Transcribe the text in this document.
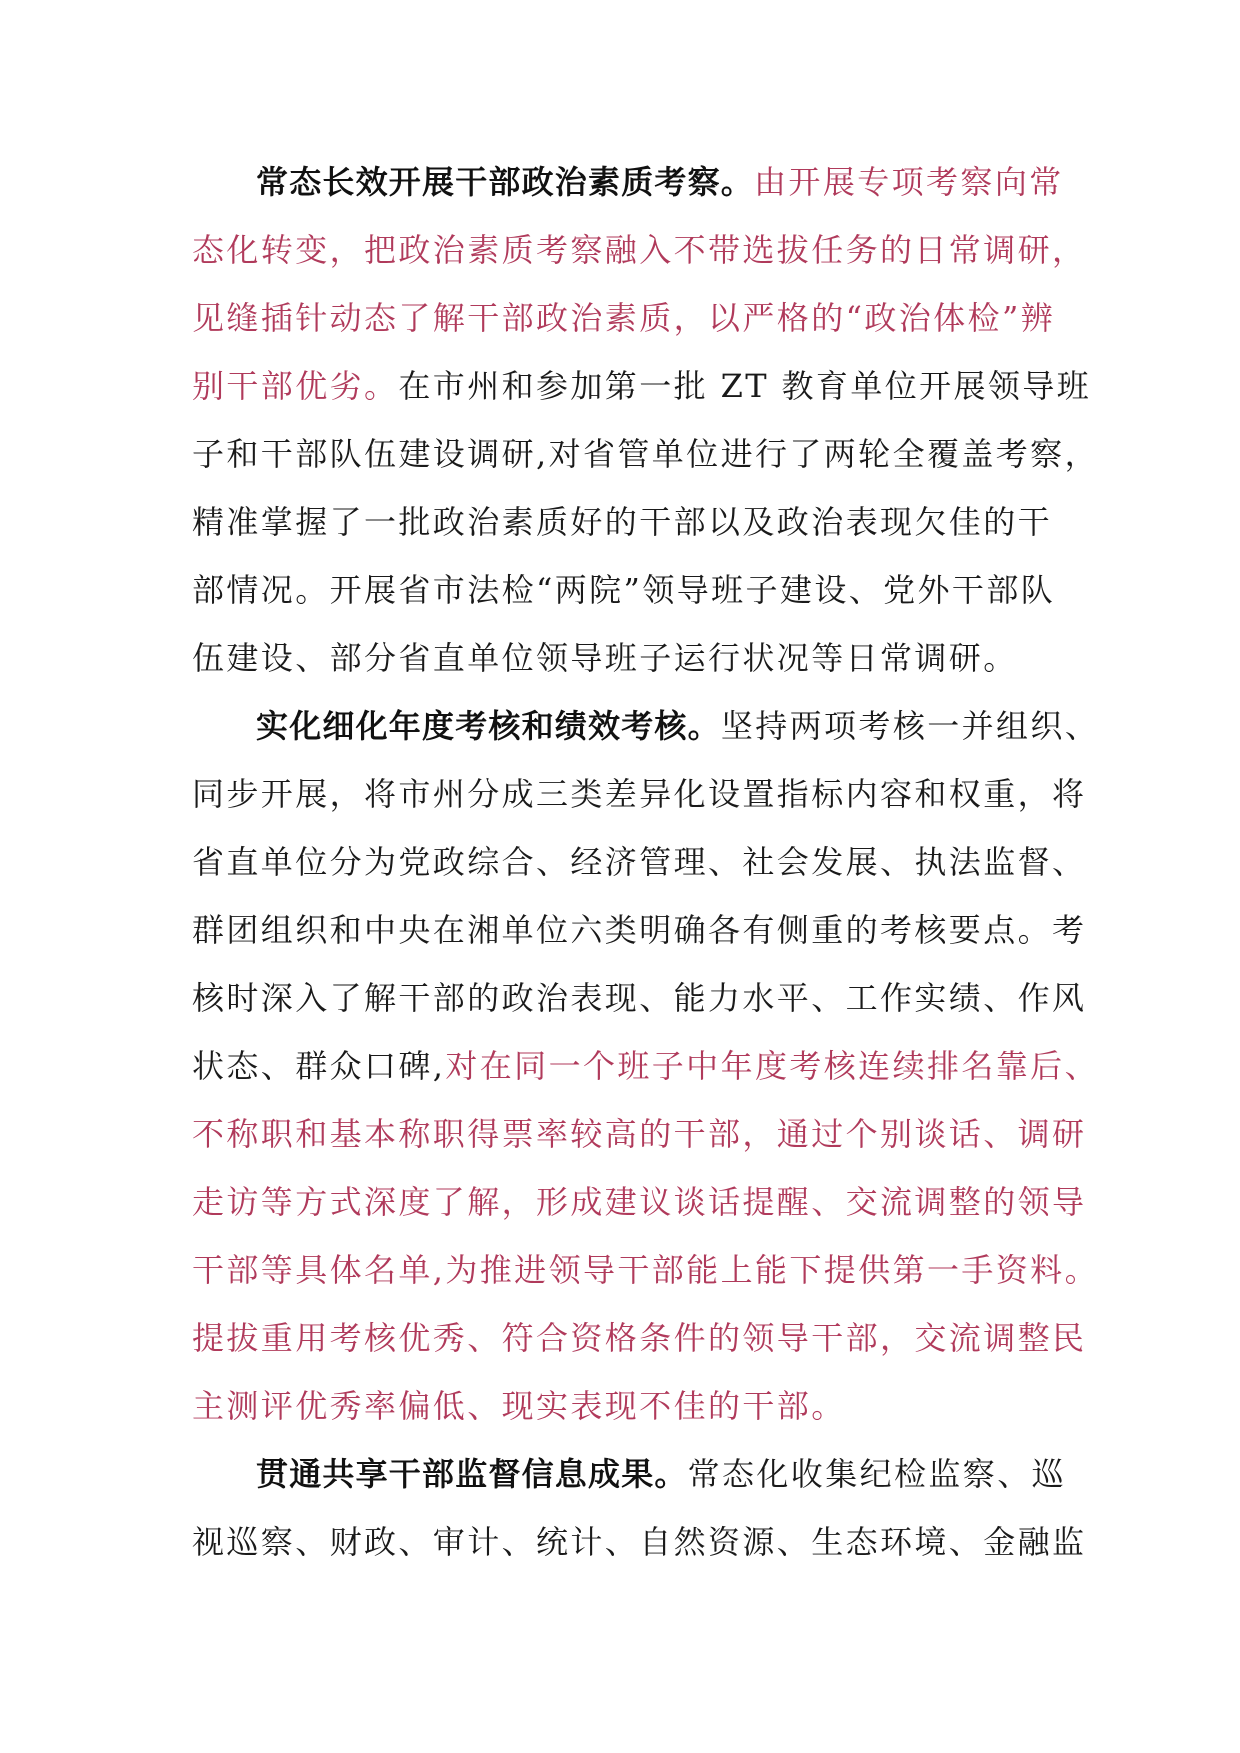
常态长效开展干部政治素质考察。由开展专项考察向常
态化转变，把政治素质考察融入不带选拔任务的日常调研，
见缝插针动态了解干部政治素质，以严格的“政治体检”辨
别干部优劣。在市州和参加第一批 ZT 教育单位开展领导班
子和干部队伍建设调研,对省管单位进行了两轮全覆盖考察，
精准掌握了一批政治素质好的干部以及政治表现欠佳的干
部情况。开展省市法检“两院”领导班子建设、党外干部队
伍建设、部分省直单位领导班子运行状况等日常调研。
实化细化年度考核和绩效考核。坚持两项考核一并组织、
同步开展，将市州分成三类差异化设置指标内容和权重，将
省直单位分为党政综合、经济管理、社会发展、执法监督、
群团组织和中央在湘单位六类明确各有侧重的考核要点。考
核时深入了解干部的政治表现、能力水平、工作实绩、作风
状态、群众口碑,对在同一个班子中年度考核连续排名靠后、
不称职和基本称职得票率较高的干部，通过个别谈话、调研
走访等方式深度了解，形成建议谈话提醒、交流调整的领导
干部等具体名单,为推进领导干部能上能下提供第一手资料。
提拔重用考核优秀、符合资格条件的领导干部，交流调整民
主测评优秀率偏低、现实表现不佳的干部。
贯通共享干部监督信息成果。常态化收集纪检监察、巡
视巡察、财政、审计、统计、自然资源、生态环境、金融监
